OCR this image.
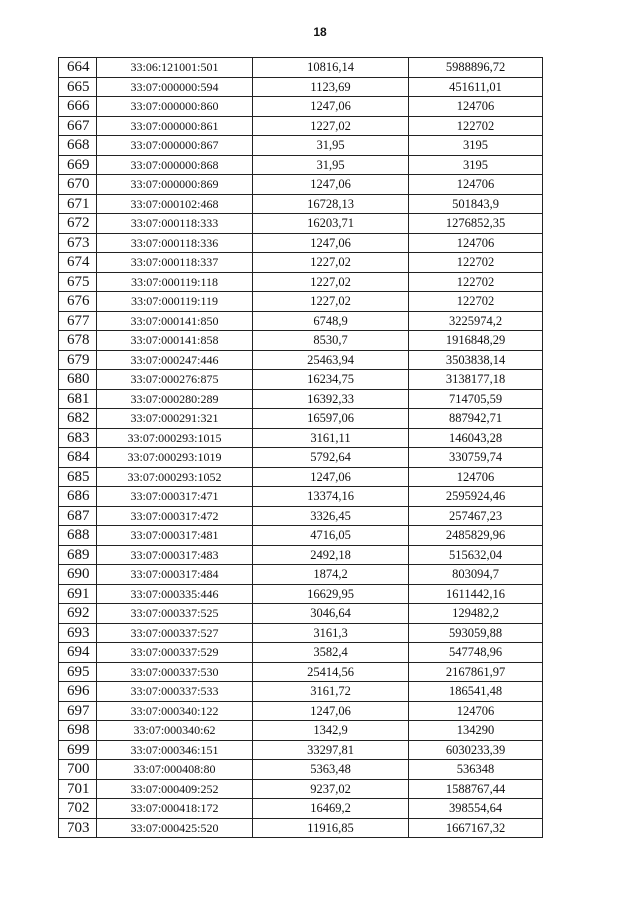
18
664	33:06:121001:501	10816,14	5988896,72
665	33:07:000000:594	1123,69	451611,01
666	33:07:000000:860	1247,06	124706
667	33:07:000000:861	1227,02	122702
668	33:07:000000:867	31,95	3195
669	33:07:000000:868	31,95	3195
670	33:07:000000:869	1247,06	124706
671	33:07:000102:468	16728,13	501843,9
672	33:07:000118:333	16203,71	1276852,35
673	33:07:000118:336	1247,06	124706
674	33:07:000118:337	1227,02	122702
675	33:07:000119:118	1227,02	122702
676	33:07:000119:119	1227,02	122702
677	33:07:000141:850	6748,9	3225974,2
678	33:07:000141:858	8530,7	1916848,29
679	33:07:000247:446	25463,94	3503838,14
680	33:07:000276:875	16234,75	3138177,18
681	33:07:000280:289	16392,33	714705,59
682	33:07:000291:321	16597,06	887942,71
683	33:07:000293:1015	3161,11	146043,28
684	33:07:000293:1019	5792,64	330759,74
685	33:07:000293:1052	1247,06	124706
686	33:07:000317:471	13374,16	2595924,46
687	33:07:000317:472	3326,45	257467,23
688	33:07:000317:481	4716,05	2485829,96
689	33:07:000317:483	2492,18	515632,04
690	33:07:000317:484	1874,2	803094,7
691	33:07:000335:446	16629,95	1611442,16
692	33:07:000337:525	3046,64	129482,2
693	33:07:000337:527	3161,3	593059,88
694	33:07:000337:529	3582,4	547748,96
695	33:07:000337:530	25414,56	2167861,97
696	33:07:000337:533	3161,72	186541,48
697	33:07:000340:122	1247,06	124706
698	33:07:000340:62	1342,9	134290
699	33:07:000346:151	33297,81	6030233,39
700	33:07:000408:80	5363,48	536348
701	33:07:000409:252	9237,02	1588767,44
702	33:07:000418:172	16469,2	398554,64
703	33:07:000425:520	11916,85	1667167,32
